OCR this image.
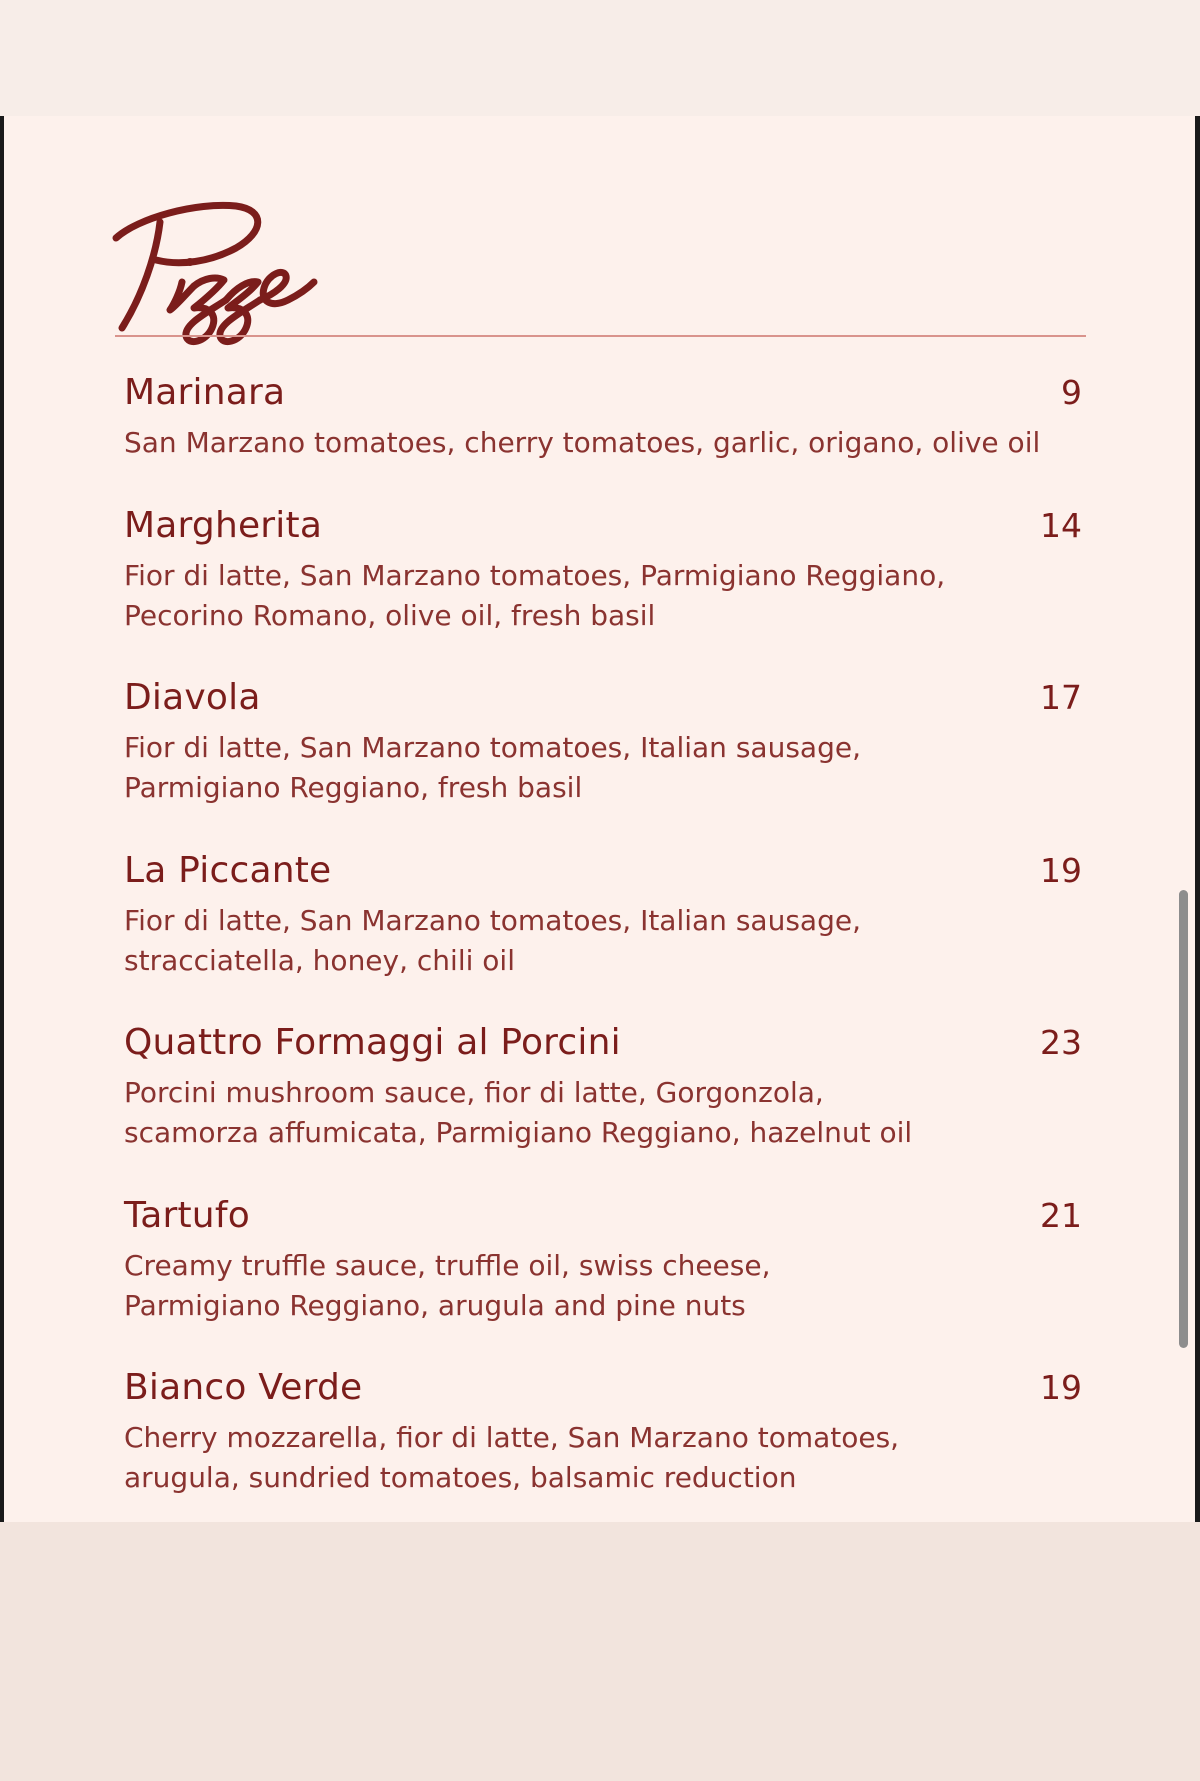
Marinara	9
San Marzano tomatoes, cherry tomatoes, garlic, origano, olive oil
Margherita	14
Fior di latte, San Marzano tomatoes, Parmigiano Reggiano,
Pecorino Romano, olive oil, fresh basil
Diavola	17
Fior di latte, San Marzano tomatoes, Italian sausage,
Parmigiano Reggiano, fresh basil
La Piccante	19
Fior di latte, San Marzano tomatoes, Italian sausage,
stracciatella, honey, chili oil
Quattro Formaggi al Porcini	23
Porcini mushroom sauce, fior di latte, Gorgonzola,
scamorza affumicata, Parmigiano Reggiano, hazelnut oil
Tartufo	21
Creamy truffle sauce, truffle oil, swiss cheese,
Parmigiano Reggiano, arugula and pine nuts
Bianco Verde	19
Cherry mozzarella, fior di latte, San Marzano tomatoes,
arugula, sundried tomatoes, balsamic reduction
